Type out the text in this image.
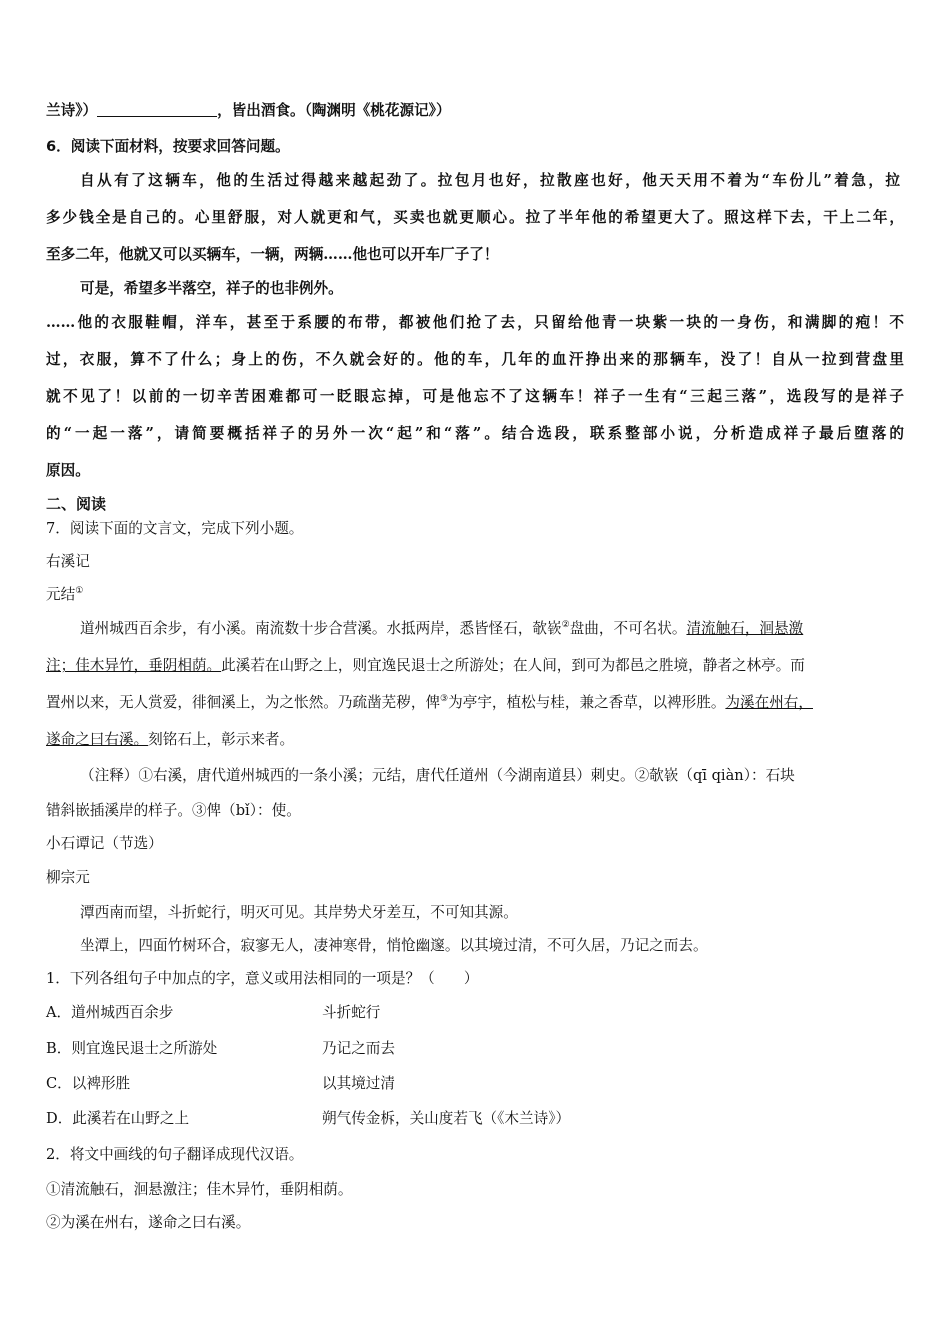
兰诗》）	，皆出酒食。（陶渊明《桃花源记》）
6．阅读下面材料，按要求回答问题。
自从有了这辆车，他的生活过得越来越起劲了。拉包月也好，拉散座也好，他天天用不着为“车份儿”着急，拉
多少钱全是自己的。心里舒服，对人就更和气，买卖也就更顺心。拉了半年他的希望更大了。照这样下去，干上二年，
至多二年，他就又可以买辆车，一辆，两辆……他也可以开车厂子了！
可是，希望多半落空，祥子的也非例外。
……他的衣服鞋帽，洋车，甚至于系腰的布带，都被他们抢了去，只留给他青一块紫一块的一身伤，和满脚的疱！不
过，衣服，算不了什么；身上的伤，不久就会好的。他的车，几年的血汗挣出来的那辆车，没了！自从一拉到营盘里
就不见了！以前的一切辛苦困难都可一眨眼忘掉，可是他忘不了这辆车！祥子一生有“三起三落”，选段写的是祥子
的“一起一落”，请简要概括祥子的另外一次“起”和“落”。结合选段，联系整部小说，分析造成祥子最后堕落的
原因。
二、阅读
7．阅读下面的文言文，完成下列小题。
右溪记
元结①
道州城西百余步，有小溪。南流数十步合营溪。水抵两岸，悉皆怪石，欹嵚②盘曲，不可名状。清流触石，洄悬激
注；佳木异竹，垂阴相荫。此溪若在山野之上，则宜逸民退士之所游处；在人间，到可为都邑之胜境，静者之林亭。而
置州以来，无人赏爱，徘徊溪上，为之怅然。乃疏凿芜秽，俾③为亭宇，植松与桂，兼之香草，以裨形胜。为溪在州右，
遂命之曰右溪。刻铭石上，彰示来者。
（注释）①右溪，唐代道州城西的一条小溪；元结，唐代任道州（今湖南道县）刺史。②欹嵚（qī qiàn）：石块
错斜嵌插溪岸的样子。③俾（bǐ）：使。
小石谭记（节选）
柳宗元
潭西南而望，斗折蛇行，明灭可见。其岸势犬牙差互，不可知其源。
坐潭上，四面竹树环合，寂寥无人，凄神寒骨，悄怆幽邃。以其境过清，不可久居，乃记之而去。
1．下列各组句子中加点的字，意义或用法相同的一项是？（　　）
A．道州城西百余步	斗折蛇行
B．则宜逸民退士之所游处	乃记之而去
C．以裨形胜	以其境过清
D．此溪若在山野之上	朔气传金柝，关山度若飞（《木兰诗》）
2．将文中画线的句子翻译成现代汉语。
①清流触石，洄悬激注；佳木异竹，垂阴相荫。
②为溪在州右，遂命之曰右溪。
